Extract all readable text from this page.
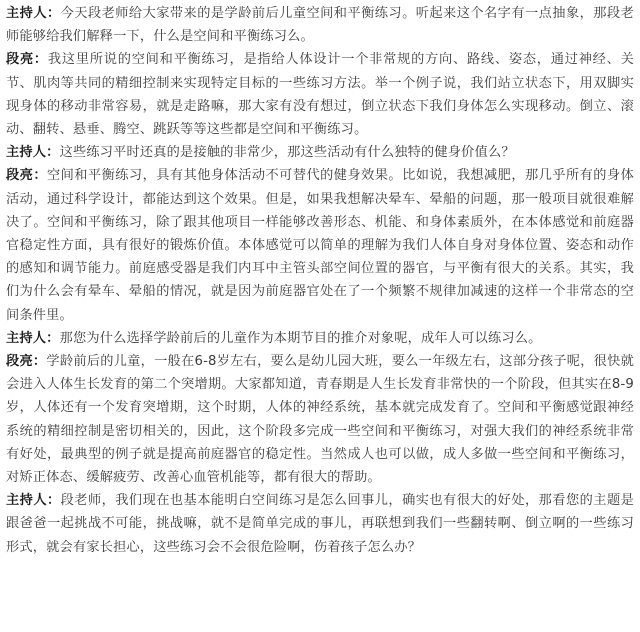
主持人：今天段老师给大家带来的是学龄前后儿童空间和平衡练习。听起来这个名字有一点抽象，那段老师能够给我们解释一下，什么是空间和平衡练习么。

段亮：我这里所说的空间和平衡练习，是指给人体设计一个非常规的方向、路线、姿态，通过神经、关节、肌肉等共同的精细控制来实现特定目标的一些练习方法。举一个例子说，我们站立状态下，用双脚实现身体的移动非常容易，就是走路嘛，那大家有没有想过，倒立状态下我们身体怎么实现移动。倒立、滚动、翻转、悬垂、腾空、跳跃等等这些都是空间和平衡练习。

主持人：这些练习平时还真的是接触的非常少，那这些活动有什么独特的健身价值么？

段亮：空间和平衡练习，具有其他身体活动不可替代的健身效果。比如说，我想减肥，那几乎所有的身体活动，通过科学设计，都能达到这个效果。但是，如果我想解决晕车、晕船的问题，那一般项目就很难解决了。空间和平衡练习，除了跟其他项目一样能够改善形态、机能、和身体素质外，在本体感觉和前庭器官稳定性方面，具有很好的锻炼价值。本体感觉可以简单的理解为我们人体自身对身体位置、姿态和动作的感知和调节能力。前庭感受器是我们内耳中主管头部空间位置的器官，与平衡有很大的关系。其实，我们为什么会有晕车、晕船的情况，就是因为前庭器官处在了一个频繁不规律加减速的这样一个非常态的空间条件里。

主持人：那您为什么选择学龄前后的儿童作为本期节目的推介对象呢，成年人可以练习么。

段亮：学龄前后的儿童，一般在6-8岁左右，要么是幼儿园大班，要么一年级左右，这部分孩子呢，很快就会进入人体生长发育的第二个突增期。大家都知道，青春期是人生长发育非常快的一个阶段，但其实在8-9岁，人体还有一个发育突增期，这个时期，人体的神经系统，基本就完成发育了。空间和平衡感觉跟神经系统的精细控制是密切相关的，因此，这个阶段多完成一些空间和平衡练习，对强大我们的神经系统非常有好处，最典型的例子就是提高前庭器官的稳定性。当然成人也可以做，成人多做一些空间和平衡练习，对矫正体态、缓解疲劳、改善心血管机能等，都有很大的帮助。

主持人：段老师，我们现在也基本能明白空间练习是怎么回事儿，确实也有很大的好处，那看您的主题是跟爸爸一起挑战不可能，挑战嘛，就不是简单完成的事儿，再联想到我们一些翻转啊、倒立啊的一些练习形式，就会有家长担心，这些练习会不会很危险啊，伤着孩子怎么办？
